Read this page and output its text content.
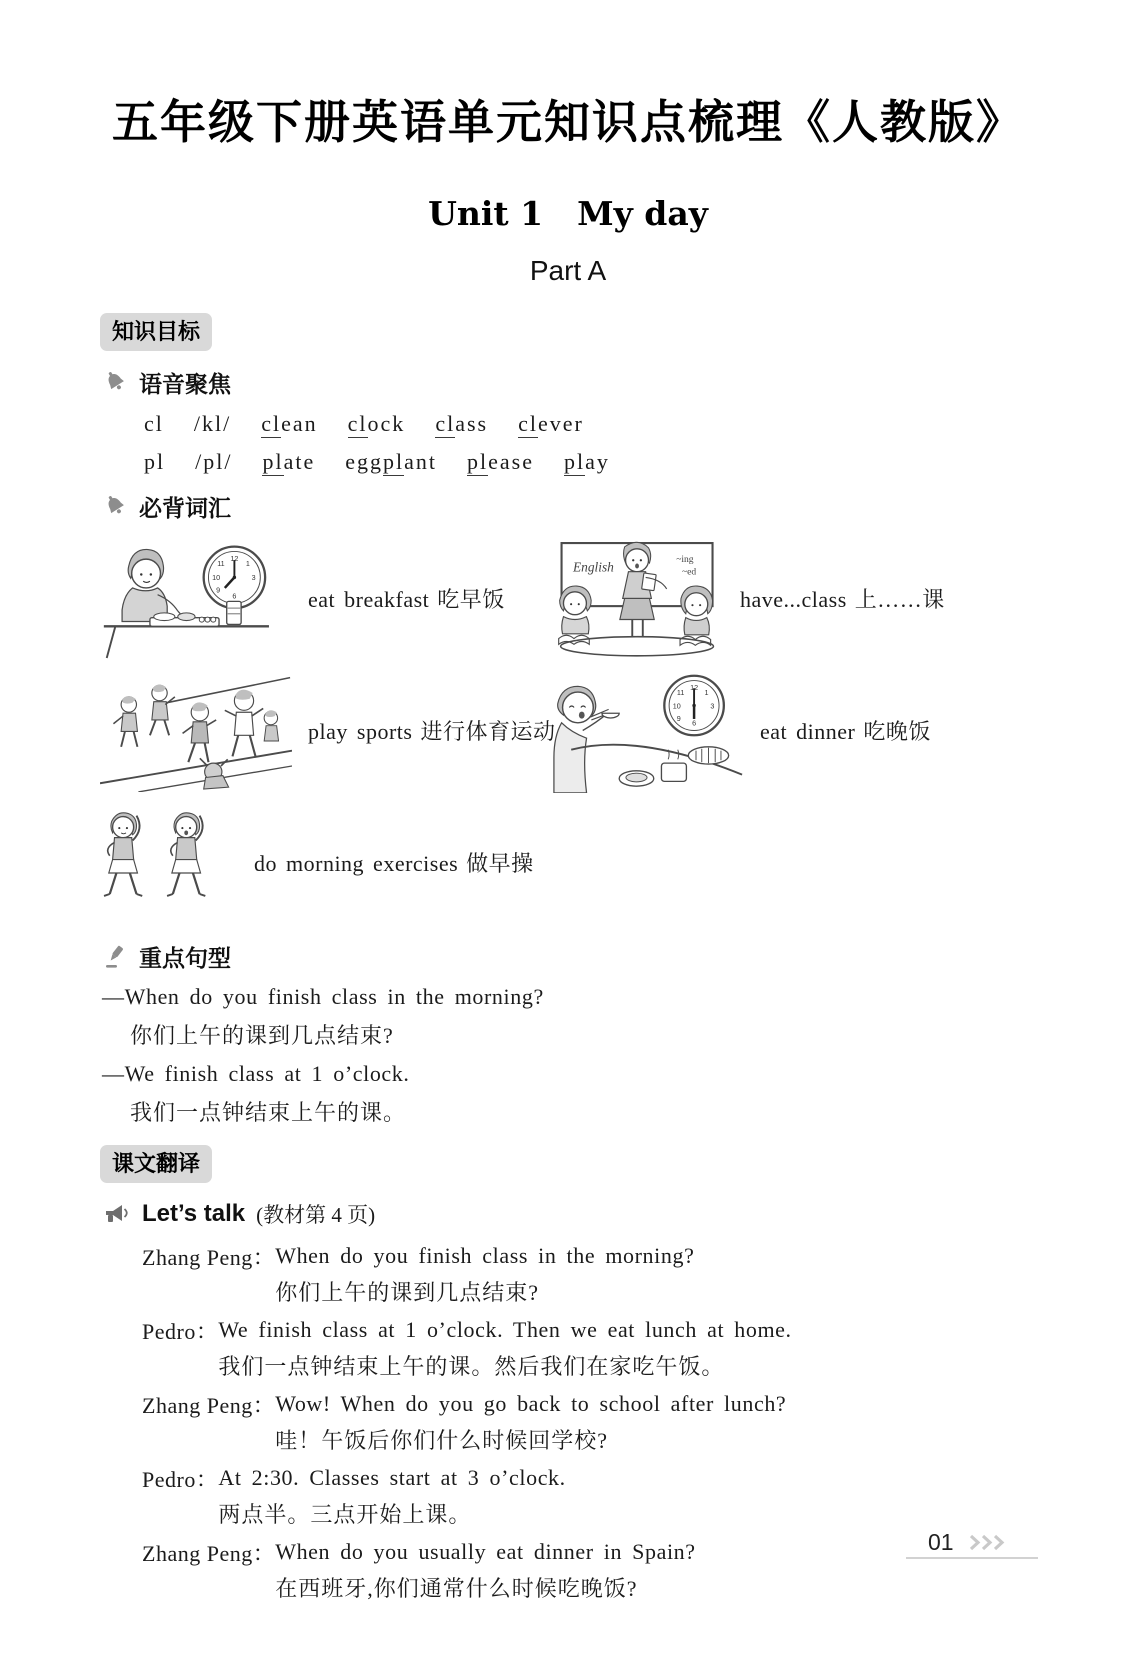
五年级下册英语单元知识点梳理《人教版》
Unit 1 My day
Part A
知识目标
语音聚焦
cl /kl/ clean clock class clever
pl /pl/ plate eggplant please play
必背词汇
12
11	1
10	3
6
9	eat breakfast 吃早饭
English
~ing
~ed
have...class 上……课
play sports 进行体育运动
12
11	1
10	3
6
9
eat dinner 吃晚饭
do morning exercises 做早操
重点句型
—When do you finish class in the morning?
你们上午的课到几点结束?
—We finish class at 1 o’clock.
我们一点钟结束上午的课。
课文翻译
Let’s talk (教材第 4 页)
Zhang Peng： When do you finish class in the morning?
你们上午的课到几点结束?
Pedro： We finish class at 1 o’clock. Then we eat lunch at home.
我们一点钟结束上午的课。然后我们在家吃午饭。
Zhang Peng： Wow! When do you go back to school after lunch?
哇！午饭后你们什么时候回学校?
Pedro： At 2:30. Classes start at 3 o’clock.
两点半。三点开始上课。
Zhang Peng： When do you usually eat dinner in Spain?
在西班牙,你们通常什么时候吃晚饭?
01
